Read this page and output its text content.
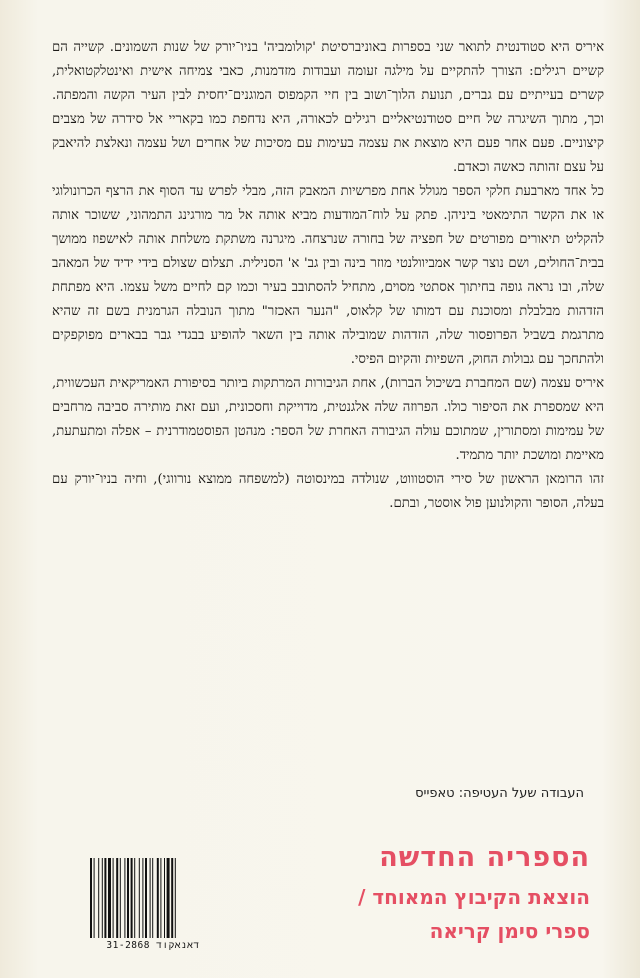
איריס היא סטודנטית לתואר שני בספרות באוניברסיטת 'קולומביה' בניו־יורק של שנות השמונים. קשייה הם קשיים רגילים: הצורך להתקיים על מילגה זעומה ועבודות מזדמנות, כאבי צמיחה אישית ואינטלקטואלית, קשרים בעייתיים עם גברים, תנועת הלוך־ושוב בין חיי הקמפוס המוגנים־יחסית לבין העיר הקשה והמפתה. וכך, מתוך השיגרה של חיים סטודנטיאליים רגילים לכאורה, היא נדחפת כמו בקאריי אל סידרה של מצבים קיצוניים. פעם אחר פעם היא מוצאת את עצמה בעימות עם מסיכות של אחרים ושל עצמה ונאלצת להיאבק על עצם זהותה כאשה וכאדם.

כל אחד מארבעת חלקי הספר מגולל אחת מפרשיות המאבק הזה, מבלי לפרש עד הסוף את הרצף הכרונולוגי או את הקשר התימאטי ביניהן. פתק על לוח־המודעות מביא אותה אל מר מורגינג התמהוני, ששוכר אותה להקליט תיאורים מפורטים של חפציה של בחורה שנרצחה. מיגרנה משתקת משלחת אותה לאישפוז ממושך בבית־החולים, ושם נוצר קשר אמביוולנטי מוזר בינה ובין גב' א' הסנילית. תצלום שצולם בידי ידיד של המאהב שלה, ובו נראה גופה בחיתוך אסתטי מסוים, מתחיל להסתובב בעיר וכמו קם לחיים משל עצמו. היא מפתחת הזדהות מבלבלת ומסוכנת עם דמותו של קלאוס, "הנער האכזר" מתוך הנובלה הגרמנית בשם זה שהיא מתרגמת בשביל הפרופסור שלה, הזדהות שמובילה אותה בין השאר להופיע בבגדי גבר בבארים מפוקפקים ולהתחכך עם גבולות החוק, השפיות והקיום הפיסי.

איריס עצמה (שם המחברת בשיכול הברות), אחת הגיבורות המרתקות ביותר בסיפורת האמריקאית העכשווית, היא שמספרת את הסיפור כולו. הפרוזה שלה אלגנטית, מדוייקת וחסכונית, ועם זאת מותירה סביבה מרחבים של עמימות ומסתורין, שמתוכם עולה הגיבורה האחרת של הספר: מנהטן הפוסטמודרנית – אפלה ומתעתעת, מאיימת ומושכת יותר מתמיד.

זהו הרומאן הראשון של סירי הוסטוווט, שנולדה במינסוטה (למשפחה ממוצא נורווגי), וחיה בניו־יורק עם בעלה, הסופר והקולנוען פול אוסטר, ובתם.

העבודה שעל העטיפה: טאפייס
הספריה החדשה
הוצאת הקיבוץ המאוחד /
ספרי סימן קריאה
דאנאקוד 31-2868
